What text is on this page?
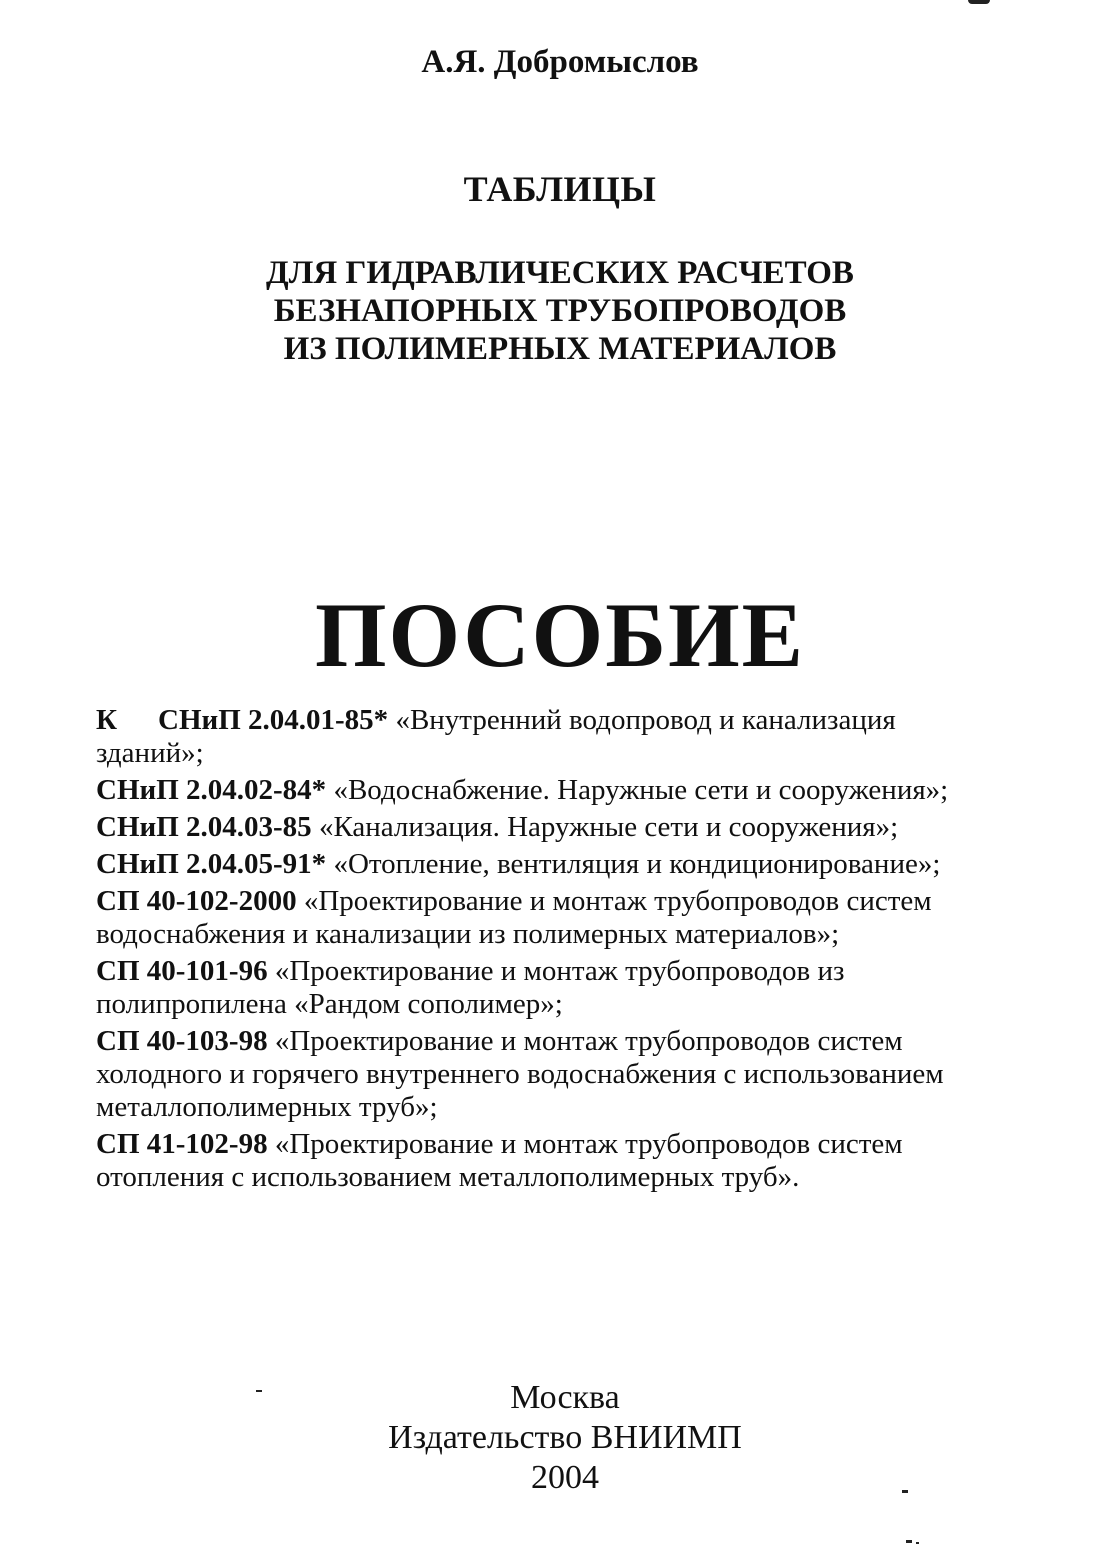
А.Я. Добромыслов
ТАБЛИЦЫ
ДЛЯ ГИДРАВЛИЧЕСКИХ РАСЧЕТОВ
БЕЗНАПОРНЫХ ТРУБОПРОВОДОВ
ИЗ ПОЛИМЕРНЫХ МАТЕРИАЛОВ
ПОСОБИЕ
К СНиП 2.04.01-85* «Внутренний водопровод и канализация
зданий»;
СНиП 2.04.02-84* «Водоснабжение. Наружные сети и сооружения»;
СНиП 2.04.03-85 «Канализация. Наружные сети и сооружения»;
СНиП 2.04.05-91* «Отопление, вентиляция и кондиционирование»;
СП 40-102-2000 «Проектирование и монтаж трубопроводов систем
водоснабжения и канализации из полимерных материалов»;
СП 40-101-96 «Проектирование и монтаж трубопроводов из
полипропилена «Рандом сополимер»;
СП 40-103-98 «Проектирование и монтаж трубопроводов систем
холодного и горячего внутреннего водоснабжения с использованием
металлополимерных труб»;
СП 41-102-98 «Проектирование и монтаж трубопроводов систем
отопления с использованием металлополимерных труб».
Москва
Издательство ВНИИМП
2004
